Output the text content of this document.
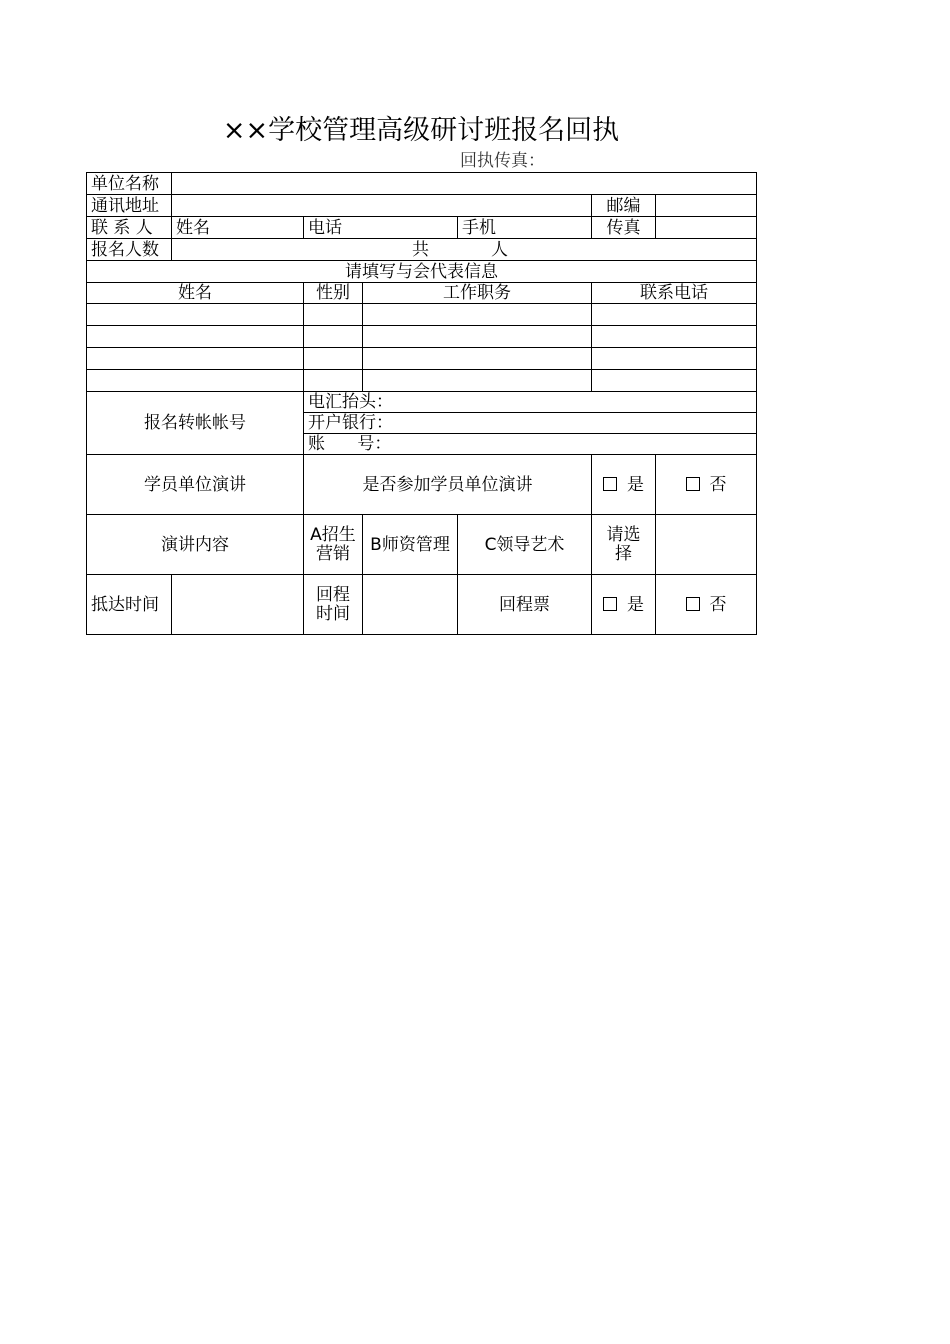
××学校管理高级研讨班报名回执
回执传真：
单位名称						
通讯地址					邮编	
联 系 人	姓名	电话		手机	传真	
报名人数	共 人					
请填写与会代表信息						
姓名		性别	工作职务		联系电话	

报名转帐帐号		电汇抬头：				
		开户银行：				
		账      号：				
学员单位演讲		是否参加学员单位演讲			是	否
演讲内容		A招生营销	B师资管理	C领导艺术	请选择	
抵达时间		回程时间		回程票	是	否
